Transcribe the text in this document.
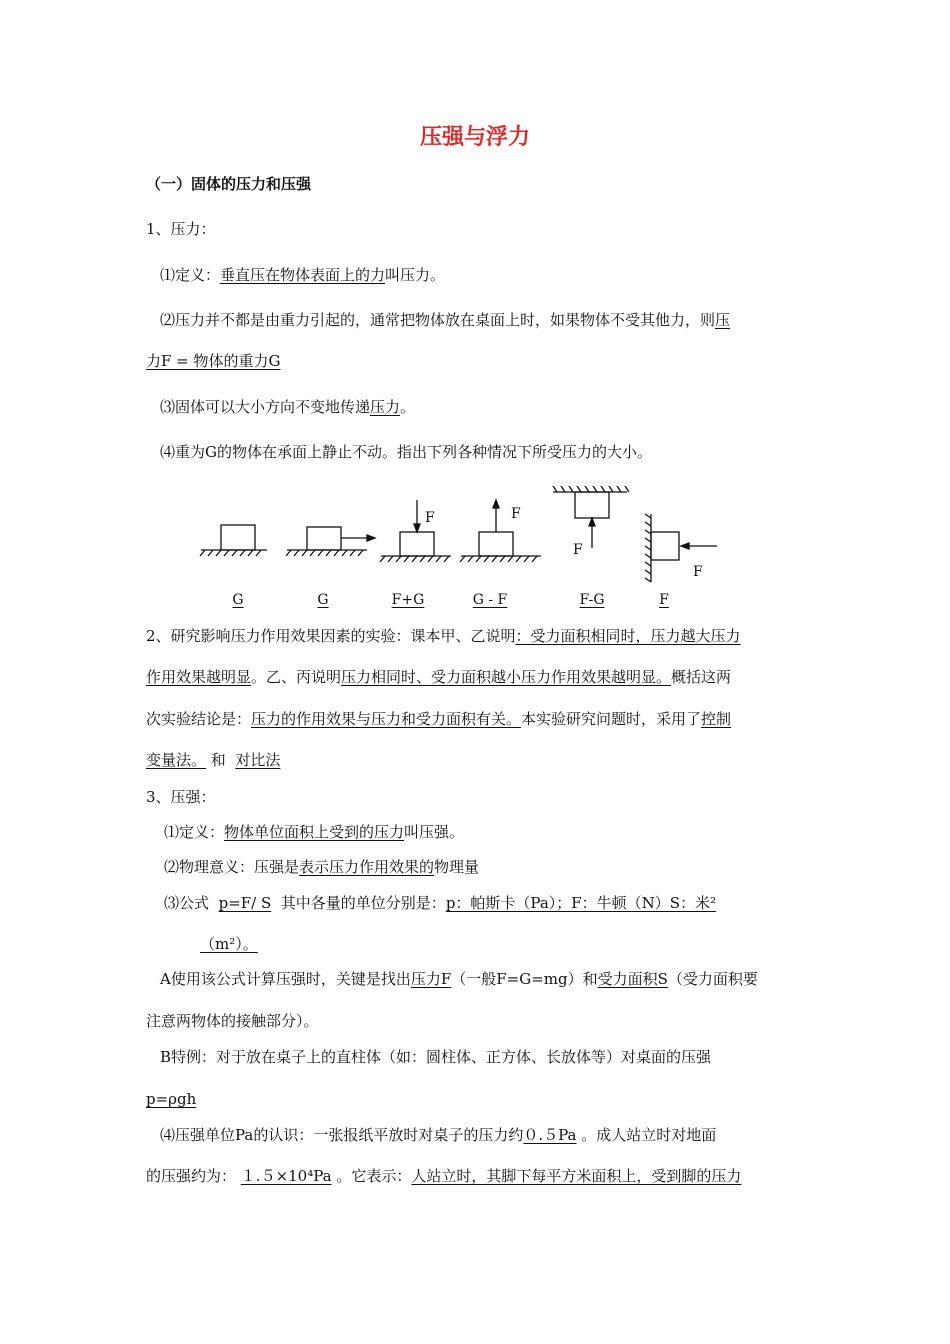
压强与浮力
（一）固体的压力和压强
1、压力：
⑴定义：垂直压在物体表面上的力叫压力。
⑵压力并不都是由重力引起的，通常把物体放在桌面上时，如果物体不受其他力，则压
力F = 物体的重力G
⑶固体可以大小方向不变地传递压力。
⑷重为G的物体在承面上静止不动。指出下列各种情况下所受压力的大小。
F	F
F
F
G	G	F+G	G - F	F-G	F
2、研究影响压力作用效果因素的实验：课本甲、乙说明：受力面积相同时，压力越大压力
作用效果越明显。乙、丙说明压力相同时、受力面积越小压力作用效果越明显。概括这两
次实验结论是：压力的作用效果与压力和受力面积有关。本实验研究问题时，采用了控制
变量法。 和 对比法
3、压强：
⑴定义：物体单位面积上受到的压力叫压强。
⑵物理意义：压强是表示压力作用效果的物理量
⑶公式 p=F/ S 其中各量的单位分别是：p：帕斯卡（Pa）；F：牛顿（N）S：米²
（m²）。
A使用该公式计算压强时，关键是找出压力F（一般F=G=mg）和受力面积S（受力面积要
注意两物体的接触部分）。
B特例：对于放在桌子上的直柱体（如：圆柱体、正方体、长放体等）对桌面的压强
p=ρgh
⑷压强单位Pa的认识：一张报纸平放时对桌子的压力约０.５Pa 。成人站立时对地面
的压强约为： １.５×10⁴Pa 。它表示：人站立时，其脚下每平方米面积上，受到脚的压力
